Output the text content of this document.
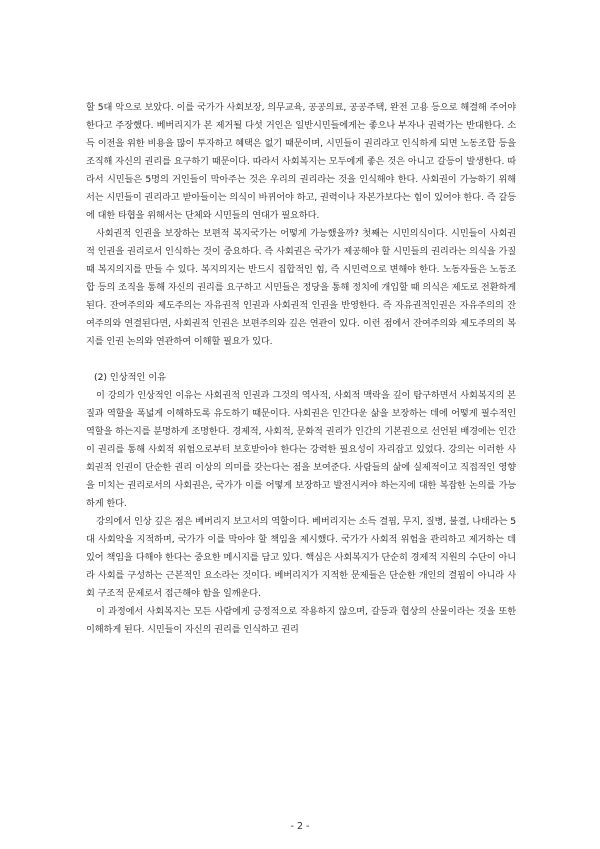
할 5대 악으로 보았다. 이를 국가가 사회보장, 의무교육, 공공의료, 공공주택, 완전 고용 등으로 해결해 주어야 한다고 주장했다. 베버리지가 본 제거될 다섯 거인은 일반시민들에게는 좋으나 부자나 권력가는 반대한다. 소득 이전을 위한 비용을 많이 투자하고 혜택은 없기 때문이며, 시민들이 권리라고 인식하게 되면 노동조합 등을 조직해 자신의 권리를 요구하기 때문이다. 따라서 사회복지는 모두에게 좋은 것은 아니고 갈등이 발생한다. 따라서 시민들은 5명의 거인들이 막아주는 것은 우리의 권리라는 것을 인식해야 한다. 사회권이 가능하기 위해서는 시민들이 권리라고 받아들이는 의식이 바뀌어야 하고, 권력이나 자본가보다는 힘이 있어야 한다. 즉 갈등에 대한 타협을 위해서는 단체와 시민들의 연대가 필요하다.

사회권적 인권을 보장하는 보편적 복지국가는 어떻게 가능했을까? 첫째는 시민의식이다. 시민들이 사회권적 인권을 권리로서 인식하는 것이 중요하다. 즉 사회권은 국가가 제공해야 할 시민들의 권리라는 의식을 가질 때 복지의지를 만들 수 있다. 복지의지는 반드시 집합적인 힘, 즉 시민력으로 변해야 한다. 노동자들은 노동조합 등의 조직을 통해 자신의 권리를 요구하고 시민들은 정당을 통해 정치에 개입할 때 의식은 제도로 전환하게 된다. 잔여주의와 제도주의는 자유권적 인권과 사회권적 인권을 반영한다. 즉 자유권적인권은 자유주의의 잔여주의와 연결된다면, 사회권적 인권은 보편주의와 깊은 연관이 있다. 이런 점에서 잔여주의와 제도주의의 복지를 인권 논의와 연관하여 이해할 필요가 있다.

(2) 인상적인 이유

이 강의가 인상적인 이유는 사회권적 인권과 그것의 역사적, 사회적 맥락을 깊이 탐구하면서 사회복지의 본질과 역할을 폭넓게 이해하도록 유도하기 때문이다. 사회권은 인간다운 삶을 보장하는 데에 어떻게 필수적인 역할을 하는지를 분명하게 조명한다. 경제적, 사회적, 문화적 권리가 인간의 기본권으로 선언된 배경에는 인간이 권리를 통해 사회적 위험으로부터 보호받아야 한다는 강력한 필요성이 자리잡고 있었다. 강의는 이러한 사회권적 인권이 단순한 권리 이상의 의미를 갖는다는 점을 보여준다. 사람들의 삶에 실제적이고 직접적인 영향을 미치는 권리로서의 사회권은, 국가가 이를 어떻게 보장하고 발전시켜야 하는지에 대한 복잡한 논의를 가능하게 한다.

강의에서 인상 깊은 점은 베버리지 보고서의 역할이다. 베버리지는 소득 결핍, 무지, 질병, 불결, 나태라는 5대 사회악을 지적하며, 국가가 이를 막아야 할 책임을 제시했다. 국가가 사회적 위험을 관리하고 제거하는 데 있어 책임을 다해야 한다는 중요한 메시지를 담고 있다. 핵심은 사회복지가 단순히 경제적 지원의 수단이 아니라 사회를 구성하는 근본적인 요소라는 것이다. 베버리지가 지적한 문제들은 단순한 개인의 결핍이 아니라 사회 구조적 문제로서 접근해야 함을 일깨운다.

이 과정에서 사회복지는 모든 사람에게 긍정적으로 작용하지 않으며, 갈등과 협상의 산물이라는 것을 또한 이해하게 된다. 시민들이 자신의 권리를 인식하고 권리

- 2 -
